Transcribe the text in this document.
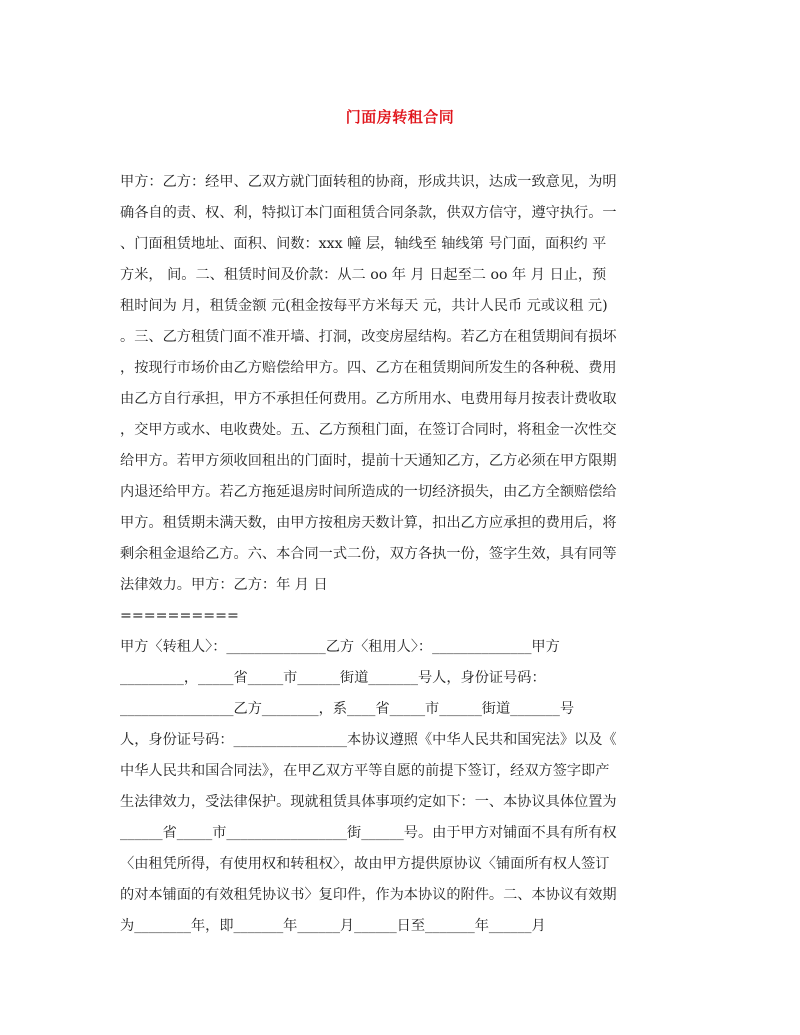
门面房转租合同
甲方：乙方：经甲、乙双方就门面转租的协商，形成共识，达成一致意见，为明
确各自的责、权、利，特拟订本门面租赁合同条款，供双方信守，遵守执行。一
、门面租赁地址、面积、间数：xxx 幢 层，轴线至 轴线第 号门面，面积约 平
方米， 间。二、租赁时间及价款：从二 oo 年 月 日起至二 oo 年 月 日止，预
租时间为 月，租赁金额 元(租金按每平方米每天 元，共计人民币 元或议租 元)
。三、乙方租赁门面不准开墙、打洞，改变房屋结构。若乙方在租赁期间有损坏
，按现行市场价由乙方赔偿给甲方。四、乙方在租赁期间所发生的各种税、费用
由乙方自行承担，甲方不承担任何费用。乙方所用水、电费用每月按表计费收取
，交甲方或水、电收费处。五、乙方预租门面，在签订合同时，将租金一次性交
给甲方。若甲方须收回租出的门面时，提前十天通知乙方，乙方必须在甲方限期
内退还给甲方。若乙方拖延退房时间所造成的一切经济损失，由乙方全额赔偿给
甲方。租赁期未满天数，由甲方按租房天数计算，扣出乙方应承担的费用后，将
剩余租金退给乙方。六、本合同一式二份，双方各执一份，签字生效，具有同等
法律效力。甲方：乙方：年 月 日
==========
甲方〈转租人〉：______________乙方〈租用人〉：______________甲方
_________，_____省_____市______街道_______号人，身份证号码：
________________乙方________，系____省_____市______街道_______号
人，身份证号码：________________本协议遵照《中华人民共和国宪法》以及《
中华人民共和国合同法》，在甲乙双方平等自愿的前提下签订，经双方签字即产
生法律效力，受法律保护。现就租赁具体事项约定如下：一、本协议具体位置为
______省_____市_________________街______号。由于甲方对铺面不具有所有权
〈由租凭所得，有使用权和转租权〉，故由甲方提供原协议〈铺面所有权人签订
的对本铺面的有效租凭协议书〉复印件，作为本协议的附件。二、本协议有效期
为________年，即_______年______月______日至_______年______月
